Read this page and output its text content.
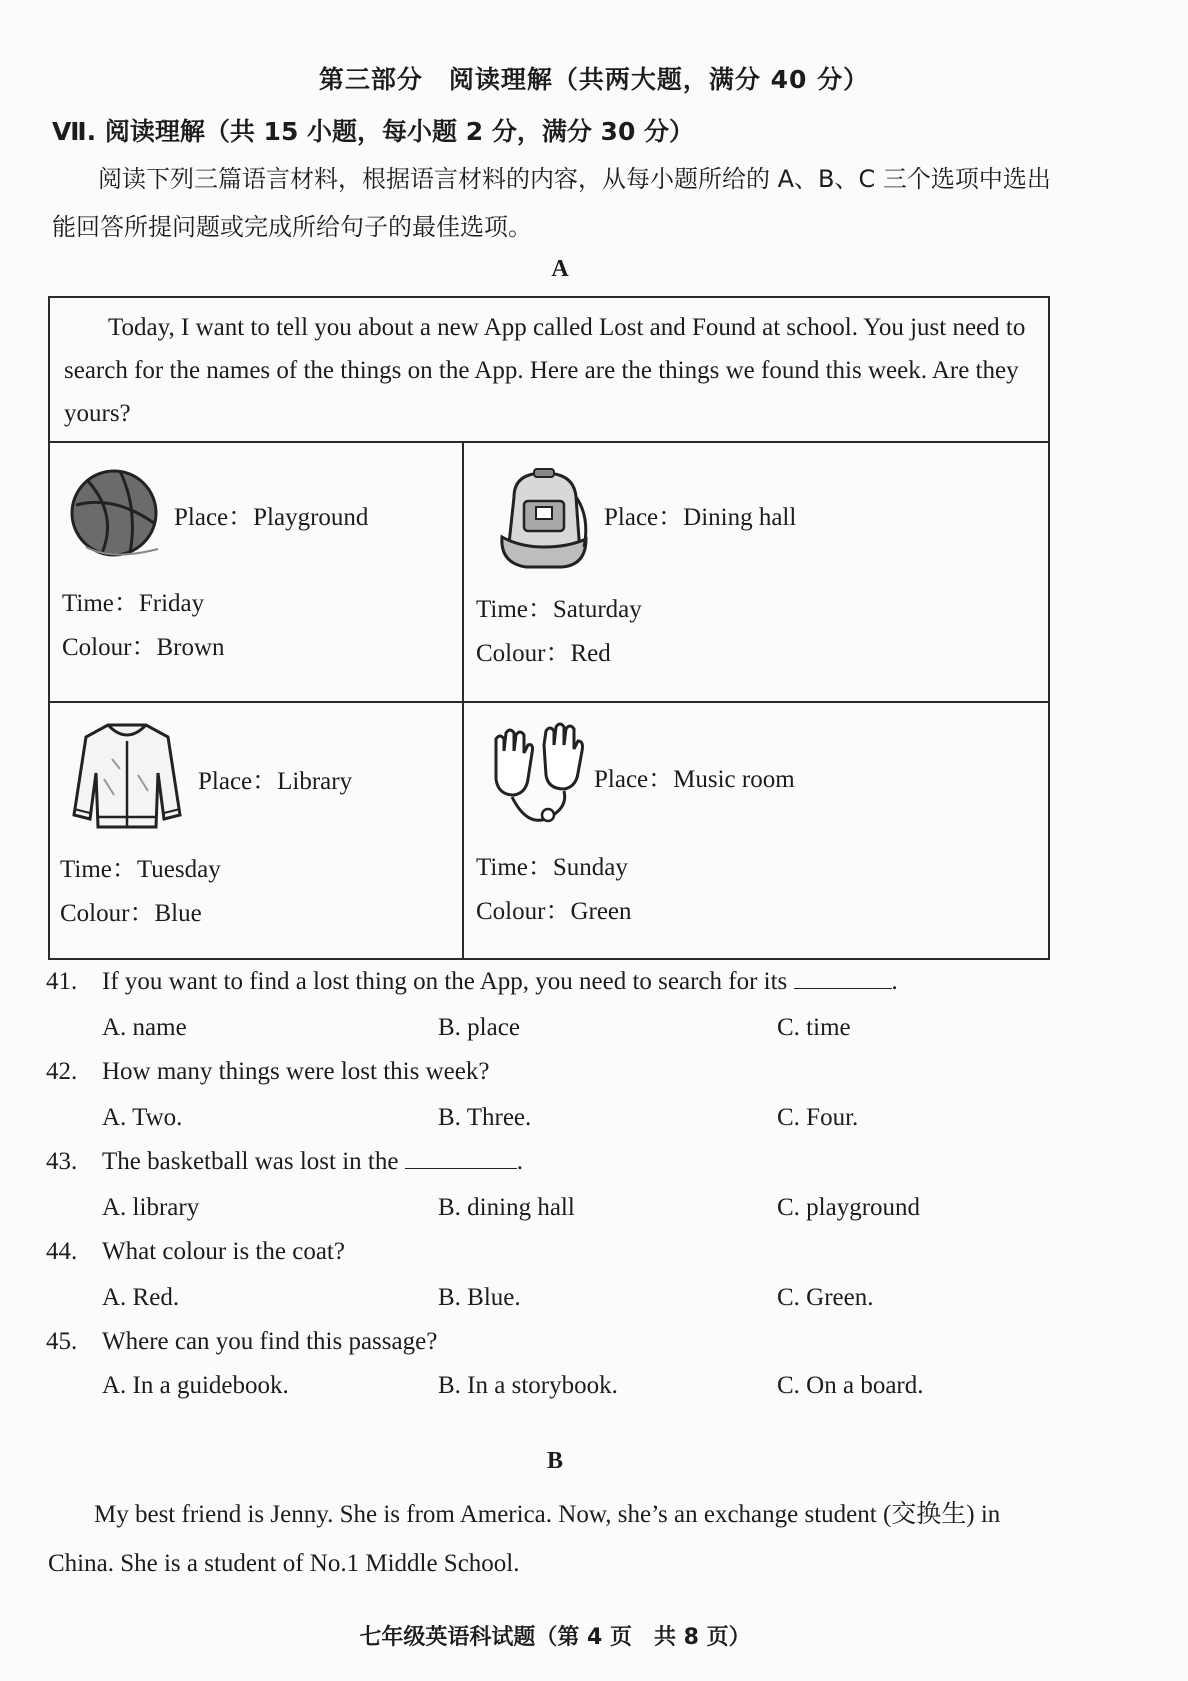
第三部分　阅读理解（共两大题，满分 40 分）
Ⅶ. 阅读理解（共 15 小题，每小题 2 分，满分 30 分）
阅读下列三篇语言材料，根据语言材料的内容，从每小题所给的 A、B、C 三个选项中选出能回答所提问题或完成所给句子的最佳选项。
A

Today, I want to tell you about a new App called Lost and Found at school. You just need to search for the names of the things on the App. Here are the things we found this week. Are they yours?

Place：Playground
Time：Friday
Colour：Brown
Place：Dining hall
Time：Saturday
Colour：Red
Place：Library
Time：Tuesday
Colour：Blue
Place：Music room
Time：Sunday
Colour：Green
41. If you want to find a lost thing on the App, you need to search for its	.
A. name	B. place	C. time
42. How many things were lost this week?
A. Two.	B. Three.	C. Four.
43. The basketball was lost in the	.
A. library	B. dining hall	C. playground
44. What colour is the coat?
A. Red.	B. Blue.	C. Green.
45. Where can you find this passage?
A. In a guidebook.	B. In a storybook.	C. On a board.
B
My best friend is Jenny. She is from America. Now, she’s an exchange student (交换生) in China. She is a student of No.1 Middle School.
七年级英语科试题（第 4 页　共 8 页）
